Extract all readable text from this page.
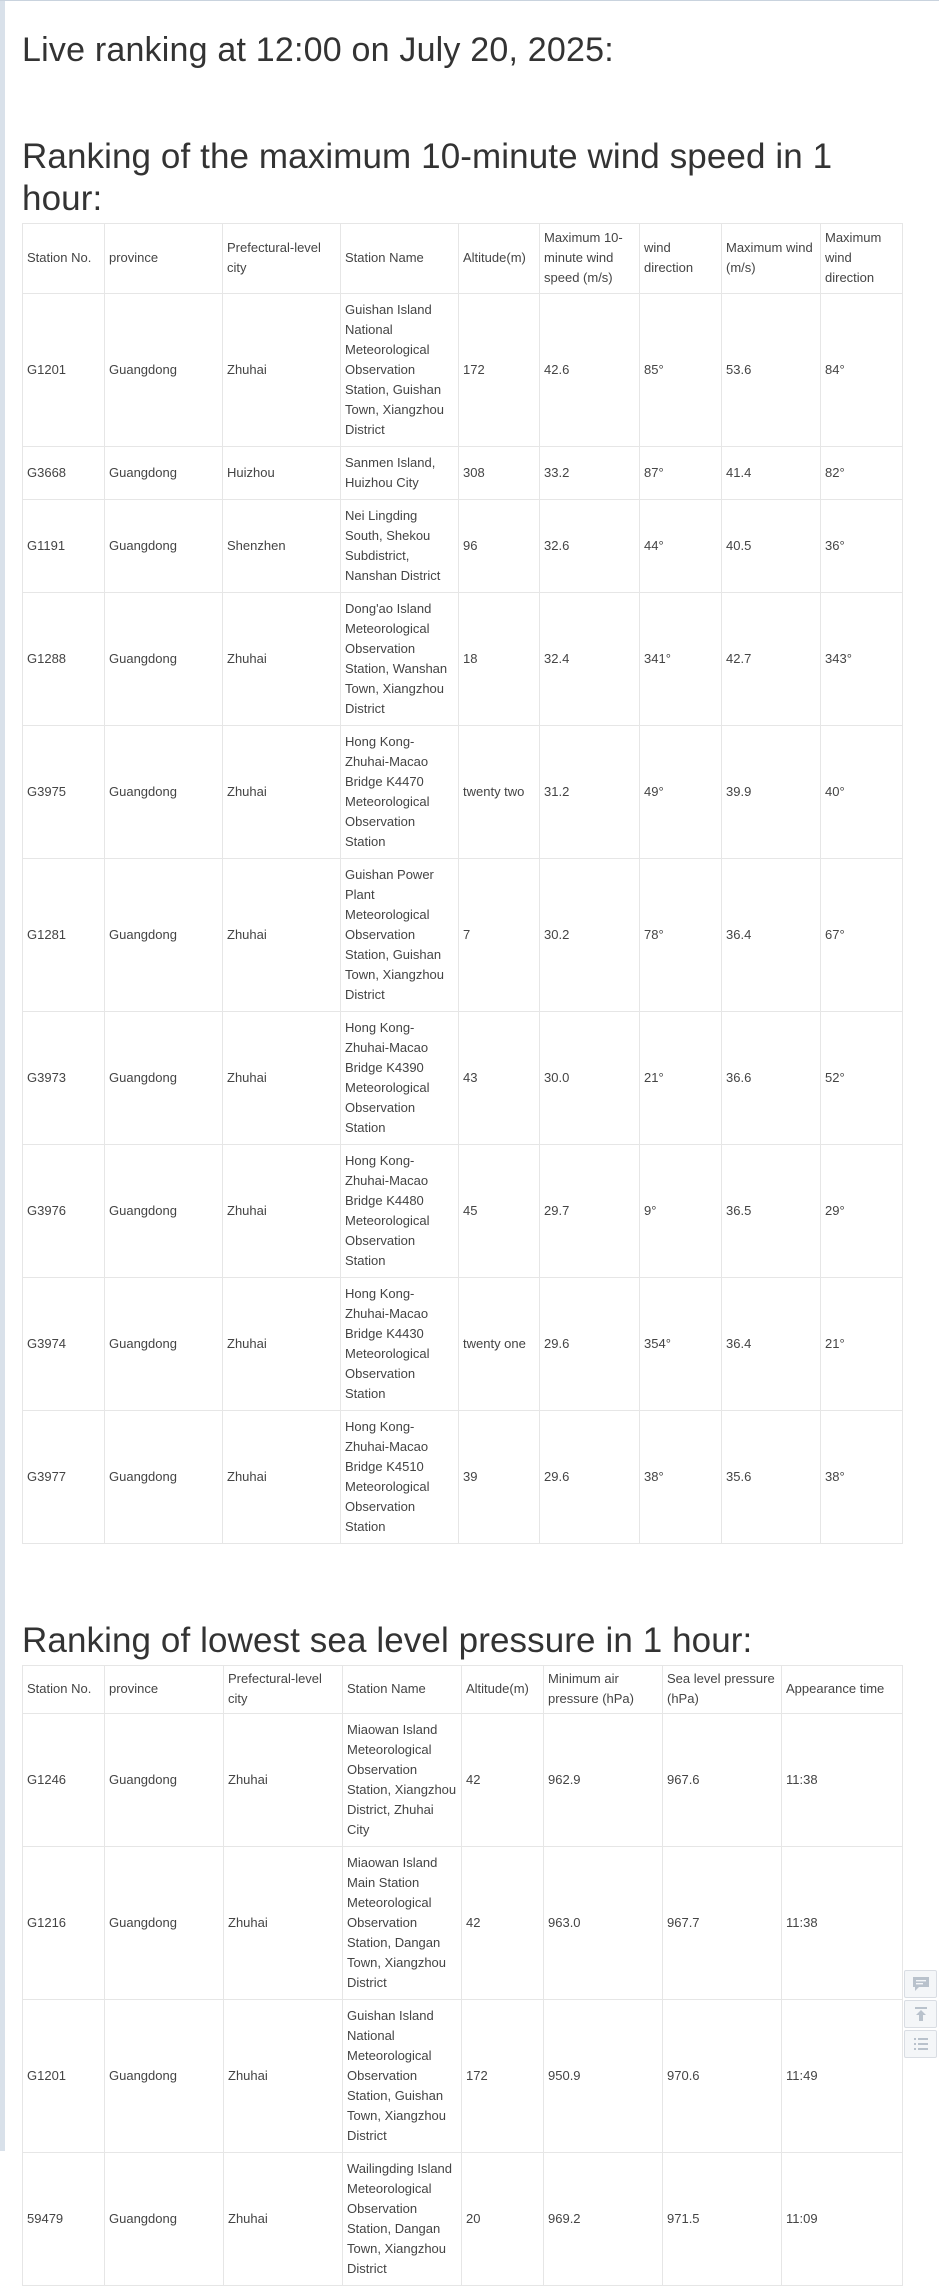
Live ranking at 12:00 on July 20, 2025:
Ranking of the maximum 10-minute wind speed in 1 hour:
Station No.	province	Prefectural-level city	Station Name	Altitude(m)	Maximum 10-minute wind speed (m/s)	wind direction	Maximum wind (m/s)	Maximum wind direction
G1201	Guangdong	Zhuhai	Guishan Island National Meteorological Observation Station, Guishan Town, Xiangzhou District	172	42.6	85°	53.6	84°
G3668	Guangdong	Huizhou	Sanmen Island, Huizhou City	308	33.2	87°	41.4	82°
G1191	Guangdong	Shenzhen	Nei Lingding South, Shekou Subdistrict, Nanshan District	96	32.6	44°	40.5	36°
G1288	Guangdong	Zhuhai	Dong'ao Island Meteorological Observation Station, Wanshan Town, Xiangzhou District	18	32.4	341°	42.7	343°
G3975	Guangdong	Zhuhai	Hong Kong-Zhuhai-Macao Bridge K4470 Meteorological Observation Station	twenty two	31.2	49°	39.9	40°
G1281	Guangdong	Zhuhai	Guishan Power Plant Meteorological Observation Station, Guishan Town, Xiangzhou District	7	30.2	78°	36.4	67°
G3973	Guangdong	Zhuhai	Hong Kong-Zhuhai-Macao Bridge K4390 Meteorological Observation Station	43	30.0	21°	36.6	52°
G3976	Guangdong	Zhuhai	Hong Kong-Zhuhai-Macao Bridge K4480 Meteorological Observation Station	45	29.7	9°	36.5	29°
G3974	Guangdong	Zhuhai	Hong Kong-Zhuhai-Macao Bridge K4430 Meteorological Observation Station	twenty one	29.6	354°	36.4	21°
G3977	Guangdong	Zhuhai	Hong Kong-Zhuhai-Macao Bridge K4510 Meteorological Observation Station	39	29.6	38°	35.6	38°
Ranking of lowest sea level pressure in 1 hour:
Station No.	province	Prefectural-level city	Station Name	Altitude(m)	Minimum air pressure (hPa)	Sea level pressure (hPa)	Appearance time
G1246	Guangdong	Zhuhai	Miaowan Island Meteorological Observation Station, Xiangzhou District, Zhuhai City	42	962.9	967.6	11:38
G1216	Guangdong	Zhuhai	Miaowan Island Main Station Meteorological Observation Station, Dangan Town, Xiangzhou District	42	963.0	967.7	11:38
G1201	Guangdong	Zhuhai	Guishan Island National Meteorological Observation Station, Guishan Town, Xiangzhou District	172	950.9	970.6	11:49
59479	Guangdong	Zhuhai	Wailingding Island Meteorological Observation Station, Dangan Town, Xiangzhou District	20	969.2	971.5	11:09
